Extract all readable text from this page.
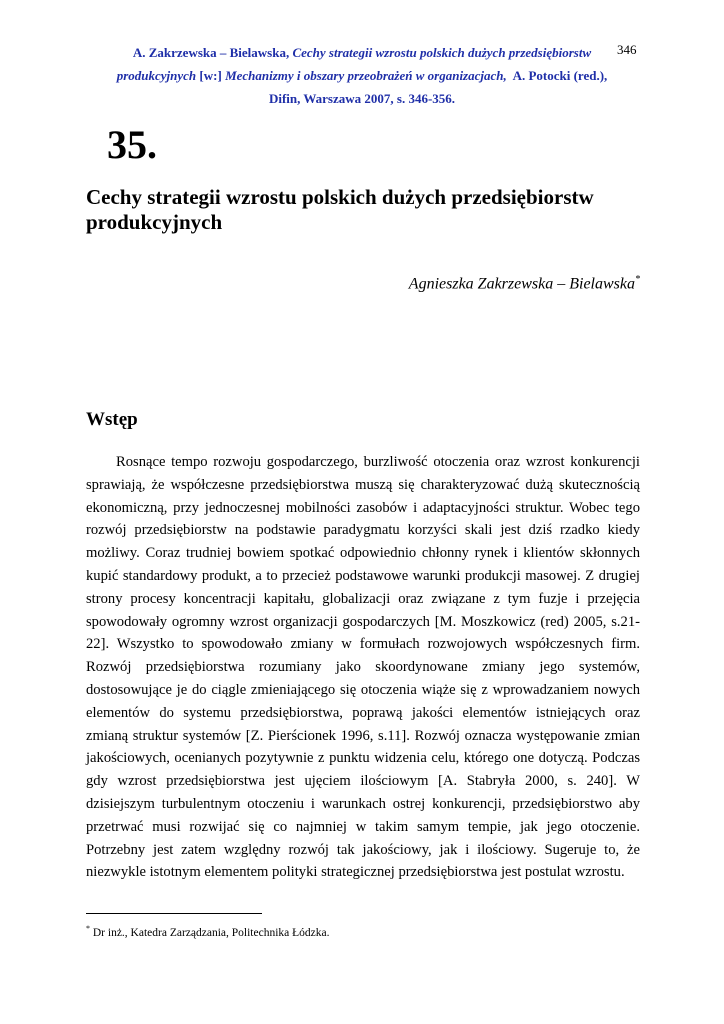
346
A. Zakrzewska – Bielawska, Cechy strategii wzrostu polskich dużych przedsiębiorstw
produkcyjnych [w:] Mechanizmy i obszary przeobrażeń w organizacjach, A. Potocki (red.),
Difin, Warszawa 2007, s. 346-356.
35.
Cechy strategii wzrostu polskich dużych przedsiębiorstw produkcyjnych
Agnieszka Zakrzewska – Bielawska*
Wstęp

Rosnące tempo rozwoju gospodarczego, burzliwość otoczenia oraz wzrost konkurencji sprawiają, że współczesne przedsiębiorstwa muszą się charakteryzować dużą skutecznością ekonomiczną, przy jednoczesnej mobilności zasobów i adaptacyjności struktur. Wobec tego rozwój przedsiębiorstw na podstawie paradygmatu korzyści skali jest dziś rzadko kiedy możliwy. Coraz trudniej bowiem spotkać odpowiednio chłonny rynek i klientów skłonnych kupić standardowy produkt, a to przecież podstawowe warunki produkcji masowej. Z drugiej strony procesy koncentracji kapitału, globalizacji oraz związane z tym fuzje i przejęcia spowodowały ogromny wzrost organizacji gospodarczych [M. Moszkowicz (red) 2005, s.21-22]. Wszystko to spowodowało zmiany w formułach rozwojowych współczesnych firm. Rozwój przedsiębiorstwa rozumiany jako skoordynowane zmiany jego systemów, dostosowujące je do ciągle zmieniającego się otoczenia wiąże się z wprowadzaniem nowych elementów do systemu przedsiębiorstwa, poprawą jakości elementów istniejących oraz zmianą struktur systemów [Z. Pierścionek 1996, s.11]. Rozwój oznacza występowanie zmian jakościowych, ocenianych pozytywnie z punktu widzenia celu, którego one dotyczą. Podczas gdy wzrost przedsiębiorstwa jest ujęciem ilościowym [A. Stabryła 2000, s. 240]. W dzisiejszym turbulentnym otoczeniu i warunkach ostrej konkurencji, przedsiębiorstwo aby przetrwać musi rozwijać się co najmniej w takim samym tempie, jak jego otoczenie. Potrzebny jest zatem względny rozwój tak jakościowy, jak i ilościowy. Sugeruje to, że niezwykle istotnym elementem polityki strategicznej przedsiębiorstwa jest postulat wzrostu.

* Dr inż., Katedra Zarządzania, Politechnika Łódzka.
